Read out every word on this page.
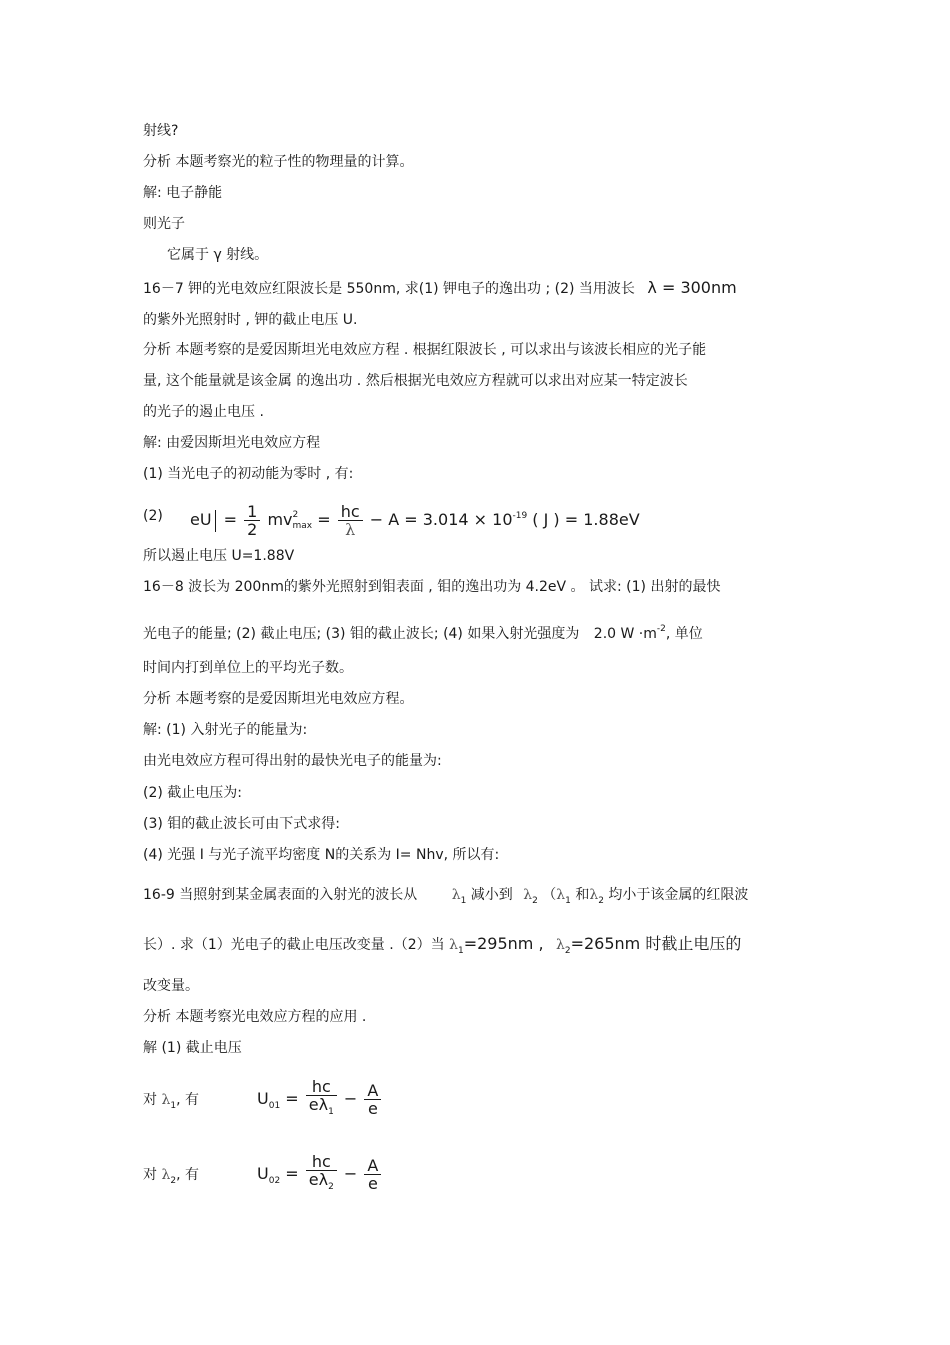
射线?
分析 本题考察光的粒子性的物理量的计算。
解: 电子静能
则光子
它属于 γ 射线。
16－7 钾的光电效应红限波长是 550nm, 求(1) 钾电子的逸出功 ; (2) 当用波长 λ = 300nm
的紫外光照射时 , 钾的截止电压 U.
分析 本题考察的是爱因斯坦光电效应方程 . 根据红限波长 , 可以求出与该波长相应的光子能
量, 这个能量就是该金属 的逸出功 . 然后根据光电效应方程就可以求出对应某一特定波长
的光子的遏止电压 .
解: 由爱因斯坦光电效应方程
(1) 当光电子的初动能为零时 , 有:
(2) eU = $\frac{1}{2}$ mv 2
$\max = \frac{hc}{\lambda} - A = 3.014 \times 10^{-19}$ ( J ) = 1.88eV
所以遏止电压 U=1.88V
16－8 波长为 200nm的紫外光照射到钼表面 , 钼的逸出功为 4.2eV 。 试求: (1) 出射的最快
光电子的能量; (2) 截止电压; (3) 钼的截止波长; (4) 如果入射光强度为 2.0 $W \cdot m^{-2}$, 单位
时间内打到单位上的平均光子数。
分析 本题考察的是爱因斯坦光电效应方程。
解: (1) 入射光子的能量为:
由光电效应方程可得出射的最快光电子的能量为:
(2) 截止电压为:
(3) 钼的截止波长可由下式求得:
(4) 光强 I 与光子流平均密度 N的关系为 I= Nhv, 所以有:
16-9 当照射到某金属表面的入射光的波长从 $\lambda_1$ 减小到 $\lambda_2$ （$\lambda_1$ 和$\lambda_2$ 均小于该金属的红限波
长）. 求（1）光电子的截止电压改变量 .（2）当 $\lambda_1=295nm$ , $\lambda_2=265nm$ 时截止电压的
改变量。
分析 本题考察光电效应方程的应用 .
解 (1) 截止电压
对 $\lambda_1$, 有	$U_{01} = \frac{hc}{e\lambda_1} - \frac{A}{e}$
对 $\lambda_2$, 有	$U_{02} = \frac{hc}{e\lambda_2} - \frac{A}{e}$
